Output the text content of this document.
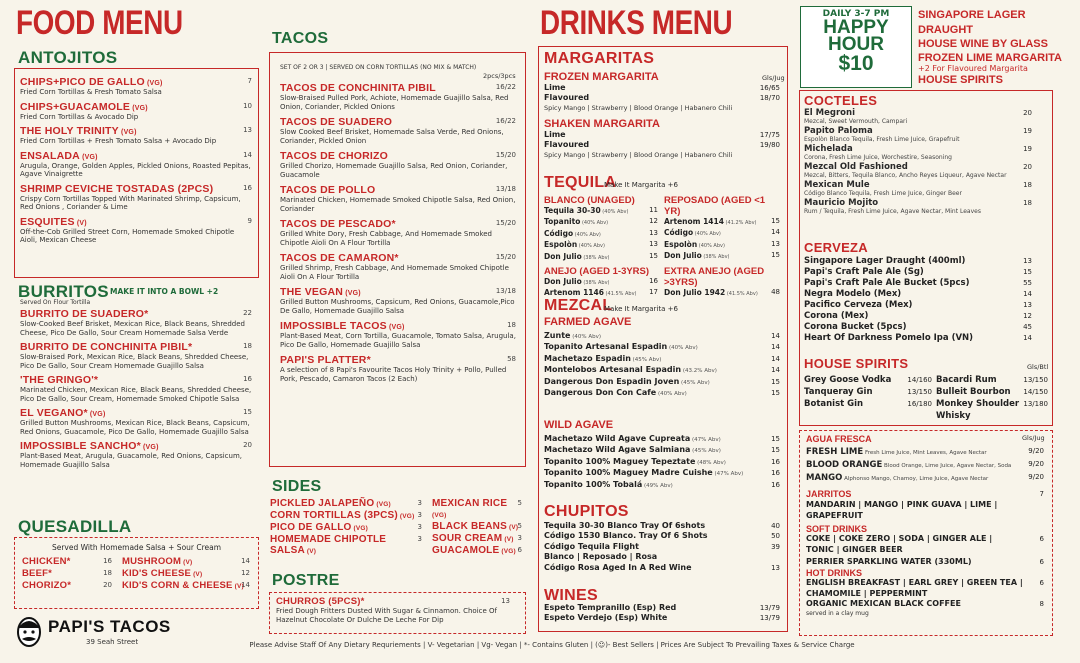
FOOD MENU
ANTOJITOS
CHIPS+PICO DE GALLO (VG)	7
Fried Corn Tortillas & Fresh Tomato Salsa
CHIPS+GUACAMOLE (VG)	10
Fried Corn Tortillas & Avocado Dip
THE HOLY TRINITY (VG)	13
Fried Corn Tortillas + Fresh Tomato Salsa + Avocado Dip
ENSALADA (VG)	14
Arugula, Orange, Golden Apples, Pickled Onions, Roasted Pepitas, Agave Vinaigrette
SHRIMP CEVICHE TOSTADAS (2PCS)	16
Crispy Corn Tortillas Topped With Marinated Shrimp, Capsicum, Red Onions , Coriander & Lime
ESQUITES (V)	9
Off-the-Cob Grilled Street Corn, Homemade Smoked Chipotle Aioli, Mexican Cheese
BURRITOS MAKE IT INTO A BOWL +2
Served On Flour Tortilla
BURRITO DE SUADERO*	22
Slow-Cooked Beef Brisket, Mexican Rice, Black Beans, Shredded Cheese, Pico De Gallo, Sour Cream Homemade Salsa Verde
BURRITO DE CONCHINITA PIBIL*	18
Slow-Braised Pork, Mexican Rice, Black Beans, Shredded Cheese, Pico De Gallo, Sour Cream Homemade Guajillo Salsa
'THE GRINGO'*	16
Marinated Chicken, Mexican Rice, Black Beans, Shredded Cheese, Pico De Gallo, Sour Cream, Homemade Smoked Chipotle Salsa
EL VEGANO* (VG)	15
Grilled Button Mushrooms, Mexican Rice, Black Beans, Capsicum, Red Onions, Guacamole, Pico De Gallo, Homemade Guajillo Salsa
IMPOSSIBLE SANCHO* (VG)	20
Plant-Based Meat, Arugula, Guacamole, Red Onions, Capsicum, Homemade Guajillo Salsa
QUESADILLA
Served With Homemade Salsa + Sour Cream
CHICKEN*	16
BEEF*	18
CHORIZO*	20
MUSHROOM (V)	14
KID'S CHEESE (V)	12
KID'S CORN & CHEESE (V)
14
PAPI'S TACOS
39 Seah Street
TACOS
SET OF 2 OR 3 | SERVED ON CORN TORTILLAS (NO MIX & MATCH)
2pcs/3pcs
TACOS DE CONCHINITA PIBIL	16/22
Slow-Braised Pulled Pork, Achiote, Homemade Guajillo Salsa, Red Onion, Coriander, Pickled Onions
TACOS DE SUADERO	16/22
Slow Cooked Beef Brisket, Homemade Salsa Verde, Red Onions, Coriander, Pickled Onion
TACOS DE CHORIZO	15/20
Grilled Chorizo, Homemade Guajillo Salsa, Red Onion, Coriander, Guacamole
TACOS DE POLLO	13/18
Marinated Chicken, Homemade Smoked Chipotle Salsa, Red Onion, Coriander
TACOS DE PESCADO*	15/20
Grilled White Dory, Fresh Cabbage, And Homemade Smoked Chipotle Aioli On A Flour Tortilla
TACOS DE CAMARON*	15/20
Grilled Shrimp, Fresh Cabbage, And Homemade Smoked Chipotle Aioli On A Flour Tortilla
THE VEGAN (VG)	13/18
Grilled Button Mushrooms, Capsicum, Red Onions, Guacamole,Pico De Gallo, Homemade Guajillo Salsa
IMPOSSIBLE TACOS (VG)	18
Plant-Based Meat, Corn Tortilla, Guacamole, Tomato Salsa, Arugula, Pico De Gallo, Homemade Guajillo Salsa
PAPI'S PLATTER*	58
A selection of 8 Papi's Favourite Tacos Holy Trinity + Pollo, Pulled Pork, Pescado, Camaron Tacos (2 Each)
SIDES
PICKLED JALAPEÑO (VG)	3
CORN TORTILLAS (3PCS) (VG) 3
PICO DE GALLO (VG)	3
HOMEMADE CHIPOTLE SALSA (V)
3
MEXICAN RICE (VG)
5
BLACK BEANS (V) 5
SOUR CREAM (V) 3
GUACAMOLE (VG) 6
POSTRE
CHURROS (5PCS)*	13
Fried Dough Fritters Dusted With Sugar & Cinnamon. Choice Of Hazelnut Chocolate Or Dulche De Leche For Dip
DRINKS MENU
MARGARITAS
Gls/Jug
FROZEN MARGARITA
Lime	16/65
Flavoured	18/70
Spicy Mango | Strawberry | Blood Orange | Habanero Chili
SHAKEN MARGARITA
Lime	17/75
Flavoured	19/80
Spicy Mango | Strawberry | Blood Orange | Habanero Chili
TEQUILA
Make It Margarita +6
BLANCO (UNAGED)
Tequila 30-30 (40% Abv)	11
Topanito (40% Abv)	12
Código (40% Abv)	13
Espolòn (40% Abv)	13
Don Julio (38% Abv)	15
ANEJO (AGED 1-3YRS)
Don Julio (38% Abv)	16
Artenom 1146 (41.5% Abv) 17
REPOSADO (AGED <1 YR)
Artenom 1414 (41.2% Abv) 15
Código (40% Abv)	14
Espolòn (40% Abv)	13
Don Julio (38% Abv)	15
EXTRA ANEJO (AGED >3YRS)
Don Julio 1942 (41.5% Abv) 48
MEZCAL
Make It Margarita +6
FARMED AGAVE
Zunte (40% Abv)	14
Topanito Artesanal Espadin (40% Abv)	14
Machetazo Espadin (45% Abv)	14
Montelobos Artesanal Espadin (43.2% Abv)	14
Dangerous Don Espadin Joven (45% Abv)	15
Dangerous Don Con Cafe (40% Abv)	15
WILD AGAVE
Machetazo Wild Agave Cupreata (47% Abv)	15
Machetazo Wild Agave Salmiana (45% Abv)	15
Topanito 100% Maguey Tepeztate (48% Abv)	16
Topanito 100% Maguey Madre Cuishe (47% Abv)	16
Topanito 100% Tobalá (49% Abv)	16
CHUPITOS
Tequila 30-30 Blanco Tray Of 6shots	40
Código 1530 Blanco. Tray Of 6 Shots	50
Código Tequila Flight	39
Blanco | Reposado | Rosa
Código Rosa Aged In A Red Wine	13
WINES
Espeto Tempranillo (Esp) Red	13/79
Espeto Verdejo (Esp) White	13/79
DAILY 3-7 PM
HAPPY
HOUR
$10
SINGAPORE LAGER DRAUGHT
HOUSE WINE BY GLASS
FROZEN LIME MARGARITA
+2 For Flavoured Margarita
HOUSE SPIRITS
COCTELES
El Megroni	20
Mezcal, Sweet Vermouth, Campari
Papito Paloma	19
Espolòn Blanco Tequila, Fresh Lime Juice, Grapefruit
Michelada	19
Corona, Fresh Lime Juice, Worchestire, Seasoning
Mezcal Old Fashioned	20
Mezcal, Bitters, Tequila Blanco, Ancho Reyes Liqueur, Agave Nectar
Mexican Mule	18
Código Blanco Tequila, Fresh Lime Juice, Ginger Beer
Mauricio Mojito	18
Rum / Tequila, Fresh Lime Juice, Agave Nectar, Mint Leaves
CERVEZA
Singapore Lager Draught (400ml)	13
Papi's Craft Pale Ale (Sg)	15
Papi's Craft Pale Ale Bucket (5pcs)	55
Negra Modelo (Mex)	14
Pacifico Cerveza (Mex)	13
Corona (Mex)	12
Corona Bucket (5pcs)	45
Heart Of Darkness Pomelo Ipa (VN)	14
HOUSE SPIRITS	Gls/Btl
Grey Goose Vodka 14/160
Tanqueray Gin	13/150
Botanist Gin	16/180
Bacardi Rum	13/150
Bulleit Bourbon 14/150
Monkey Shoulder Whisky
13/180
AGUA FRESCA	Gls/Jug
FRESH LIME Fresh Lime Juice, Mint Leaves, Agave Nectar	9/20
BLOOD ORANGE Blood Orange, Lime Juice, Agave Nectar, Soda 9/20
MANGO Alphonso Mango, Chamoy, Lime Juice, Agave Nectar	9/20
JARRITOS	7
MANDARIN | MANGO | PINK GUAVA | LIME | GRAPEFRUIT
SOFT DRINKS
COKE | COKE ZERO | SODA | GINGER ALE |	6
TONIC | GINGER BEER
PERRIER SPARKLING WATER (330ML)	6
HOT DRINKS
ENGLISH BREAKFAST | EARL GREY | GREEN TEA | 6
CHAMOMILE | PEPPERMINT
ORGANIC MEXICAN BLACK COFFEE	8
served in a clay mug
Please Advise Staff Of Any Dietary Requriements | V- Vegetarian | Vg- Vegan | *- Contains Gluten | (☺)- Best Sellers | Prices Are Subject To Prevailing Taxes & Service Charge
